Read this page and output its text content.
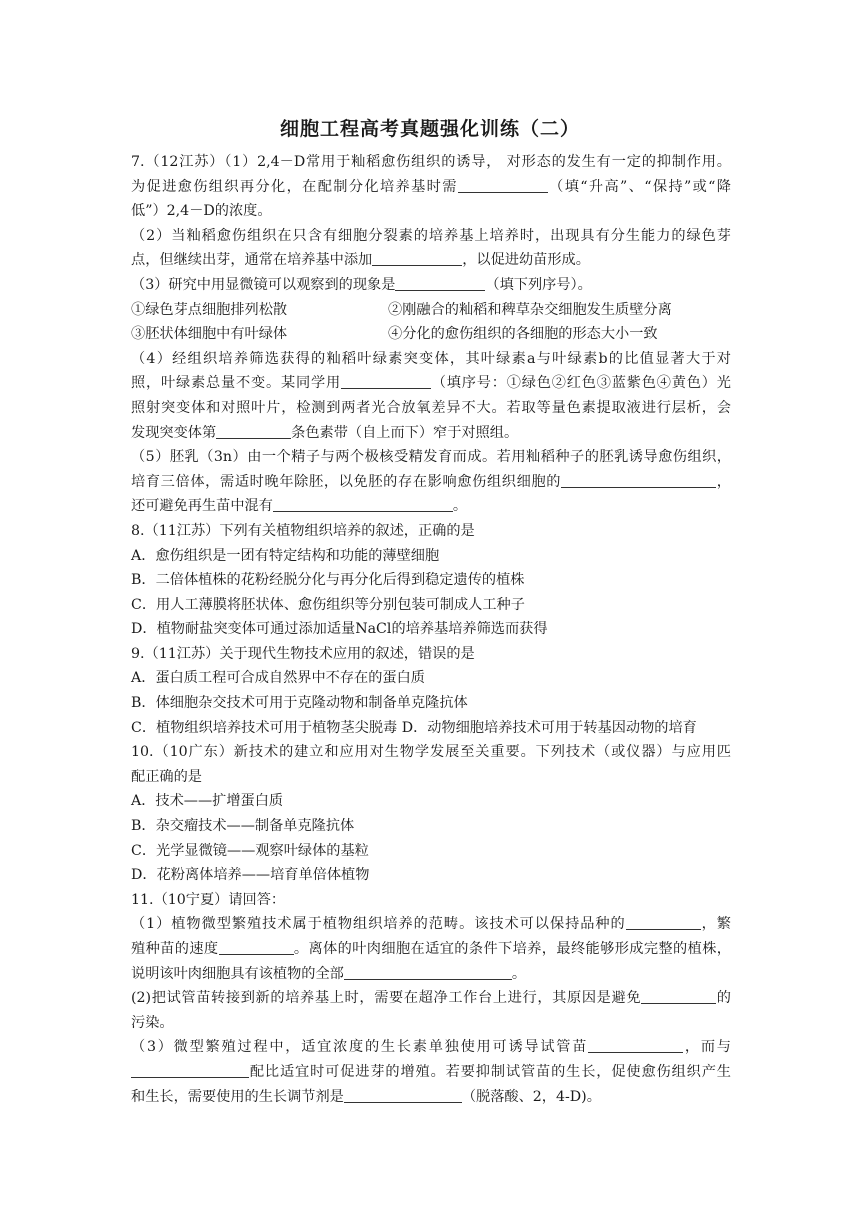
细胞工程高考真题强化训练（二）
7.（12江苏）（1）2,4－D常用于籼稻愈伤组织的诱导， 对形态的发生有一定的抑制作用。
为促进愈伤组织再分化，在配制分化培养基时需	（填“升高”、“保持”或“降
低”）2,4－D的浓度。
（2）当籼稻愈伤组织在只含有细胞分裂素的培养基上培养时，出现具有分生能力的绿色芽
点，但继续出芽，通常在培养基中添加	，以促进幼苗形成。
（3）研究中用显微镜可以观察到的现象是	（填下列序号）。
①绿色芽点细胞排列松散	②刚融合的籼稻和稗草杂交细胞发生质壁分离
③胚状体细胞中有叶绿体	④分化的愈伤组织的各细胞的形态大小一致
（4）经组织培养筛选获得的籼稻叶绿素突变体，其叶绿素a与叶绿素b的比值显著大于对
照，叶绿素总量不变。某同学用	（填序号：①绿色②红色③蓝紫色④黄色）光
照射突变体和对照叶片，检测到两者光合放氧差异不大。若取等量色素提取液进行层析，会
发现突变体第	条色素带（自上而下）窄于对照组。
（5）胚乳（3n）由一个精子与两个极核受精发育而成。若用籼稻种子的胚乳诱导愈伤组织，
培育三倍体，需适时晚年除胚，以免胚的存在影响愈伤组织细胞的	，
还可避免再生苗中混有	。
8.（11江苏）下列有关植物组织培养的叙述，正确的是
A．愈伤组织是一团有特定结构和功能的薄壁细胞
B．二倍体植株的花粉经脱分化与再分化后得到稳定遗传的植株
C．用人工薄膜将胚状体、愈伤组织等分别包装可制成人工种子
D．植物耐盐突变体可通过添加适量NaCl的培养基培养筛选而获得
9.（11江苏）关于现代生物技术应用的叙述，错误的是
A．蛋白质工程可合成自然界中不存在的蛋白质
B．体细胞杂交技术可用于克隆动物和制备单克隆抗体
C．植物组织培养技术可用于植物茎尖脱毒 D．动物细胞培养技术可用于转基因动物的培育
10.（10广东）新技术的建立和应用对生物学发展至关重要。下列技术（或仪器）与应用匹
配正确的是
A．技术——扩增蛋白质
B．杂交瘤技术——制备单克隆抗体
C．光学显微镜——观察叶绿体的基粒
D．花粉离体培养——培育单倍体植物
11.（10宁夏）请回答：
（1）植物微型繁殖技术属于植物组织培养的范畴。该技术可以保持品种的	，繁
殖种苗的速度	。离体的叶肉细胞在适宜的条件下培养，最终能够形成完整的植株，
说明该叶肉细胞具有该植物的全部	。
(2)把试管苗转接到新的培养基上时，需要在超净工作台上进行，其原因是避免	的
污染。
（3）微型繁殖过程中，适宜浓度的生长素单独使用可诱导试管苗	，而与
配比适宜时可促进芽的增殖。若要抑制试管苗的生长，促使愈伤组织产生
和生长，需要使用的生长调节剂是	（脱落酸、2，4-D)。
